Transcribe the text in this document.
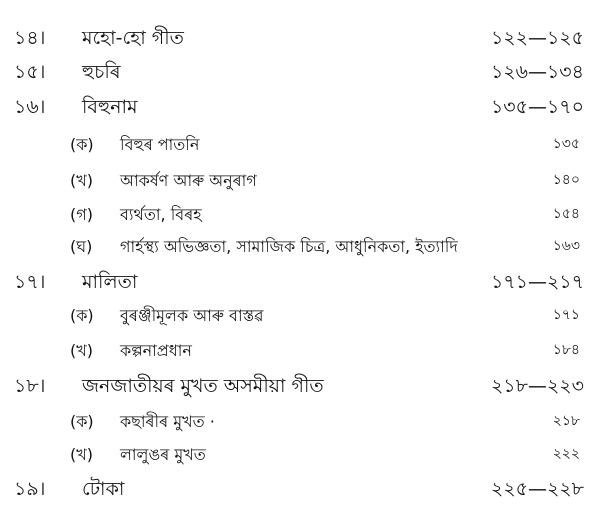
১৪। মহো-হো গীত	১২২—১২৫
১৫। হুচৰি	১২৬—১৩৪
১৬। বিহুনাম	১৩৫—১৭০
(ক) বিহুৰ পাতনি	১৩৫
(খ) আকৰ্ষণ আৰু অনুৰাগ	১৪০
(গ) ব্যৰ্থতা, বিৰহ	১৫৪
(ঘ) গাৰ্হস্থ্য অভিজ্ঞতা, সামাজিক চিত্ৰ, আধুনিকতা, ইত্যাদি	১৬৩
১৭। মালিতা	১৭১—২১৭
(ক) বুৰঞ্জীমূলক আৰু বাস্তৱ	১৭১
(খ) কল্পনাপ্ৰধান	১৮৪
১৮। জনজাতীয়ৰ মুখত অসমীয়া গীত	২১৮—২২৩
(ক) কছাৰীৰ মুখত ·	২১৮
(খ) লালুঙৰ মুখত	২২২
১৯। টোকা	২২৫—২২৮
